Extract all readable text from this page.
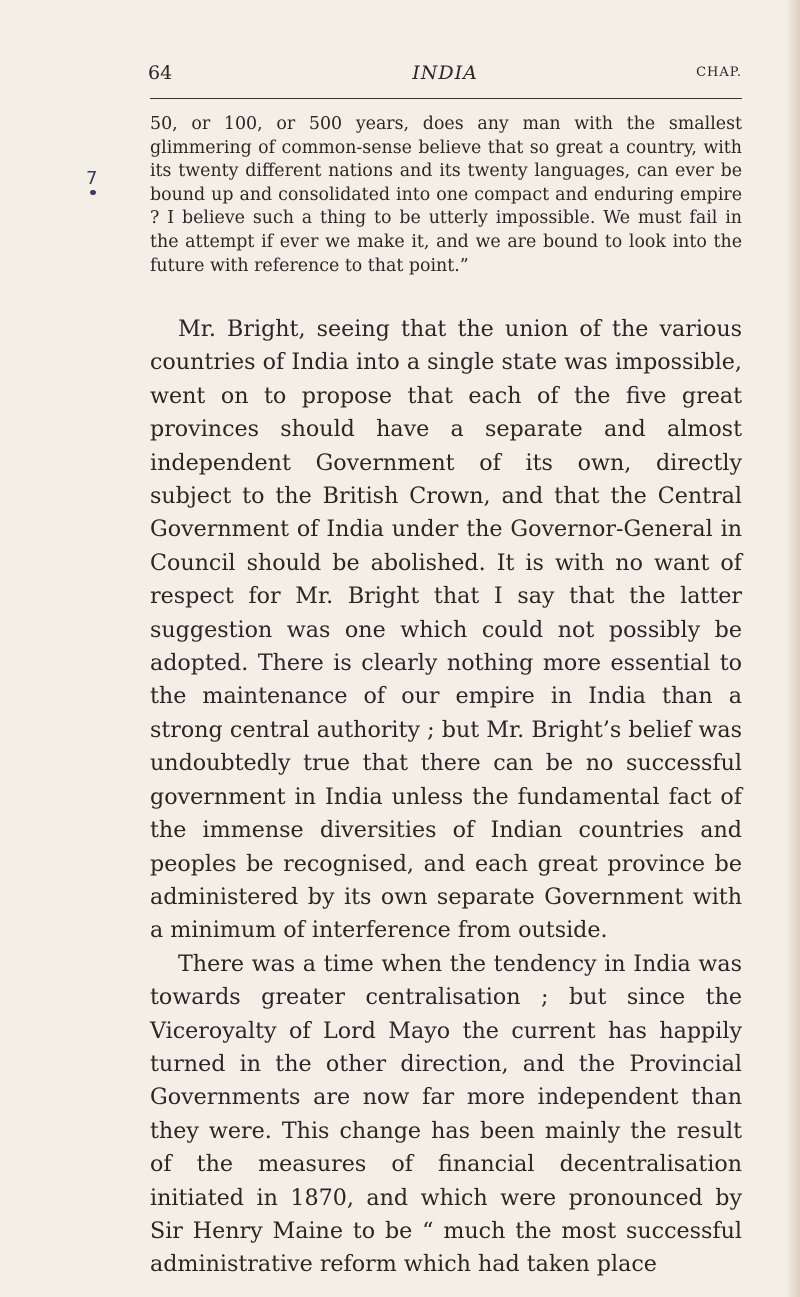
64	INDIA	CHAP.
7

50, or 100, or 500 years, does any man with the smallest glimmering of common-sense believe that so great a country, with its twenty different nations and its twenty languages, can ever be bound up and consolidated into one compact and enduring empire ? I believe such a thing to be utterly impossible. We must fail in the attempt if ever we make it, and we are bound to look into the future with reference to that point.”

Mr. Bright, seeing that the union of the various countries of India into a single state was impossible, went on to propose that each of the five great provinces should have a separate and almost independent Government of its own, directly subject to the British Crown, and that the Central Government of India under the Governor-General in Council should be abolished. It is with no want of respect for Mr. Bright that I say that the latter suggestion was one which could not possibly be adopted. There is clearly nothing more essential to the maintenance of our empire in India than a strong central authority ; but Mr. Bright’s belief was undoubtedly true that there can be no successful government in India unless the fundamental fact of the immense diversities of Indian countries and peoples be recognised, and each great province be administered by its own separate Government with a minimum of interference from outside.

There was a time when the tendency in India was towards greater centralisation ; but since the Viceroyalty of Lord Mayo the current has happily turned in the other direction, and the Provincial Governments are now far more independent than they were. This change has been mainly the result of the measures of financial decentralisation initiated in 1870, and which were pronounced by Sir Henry Maine to be “ much the most successful administrative reform which had taken place
